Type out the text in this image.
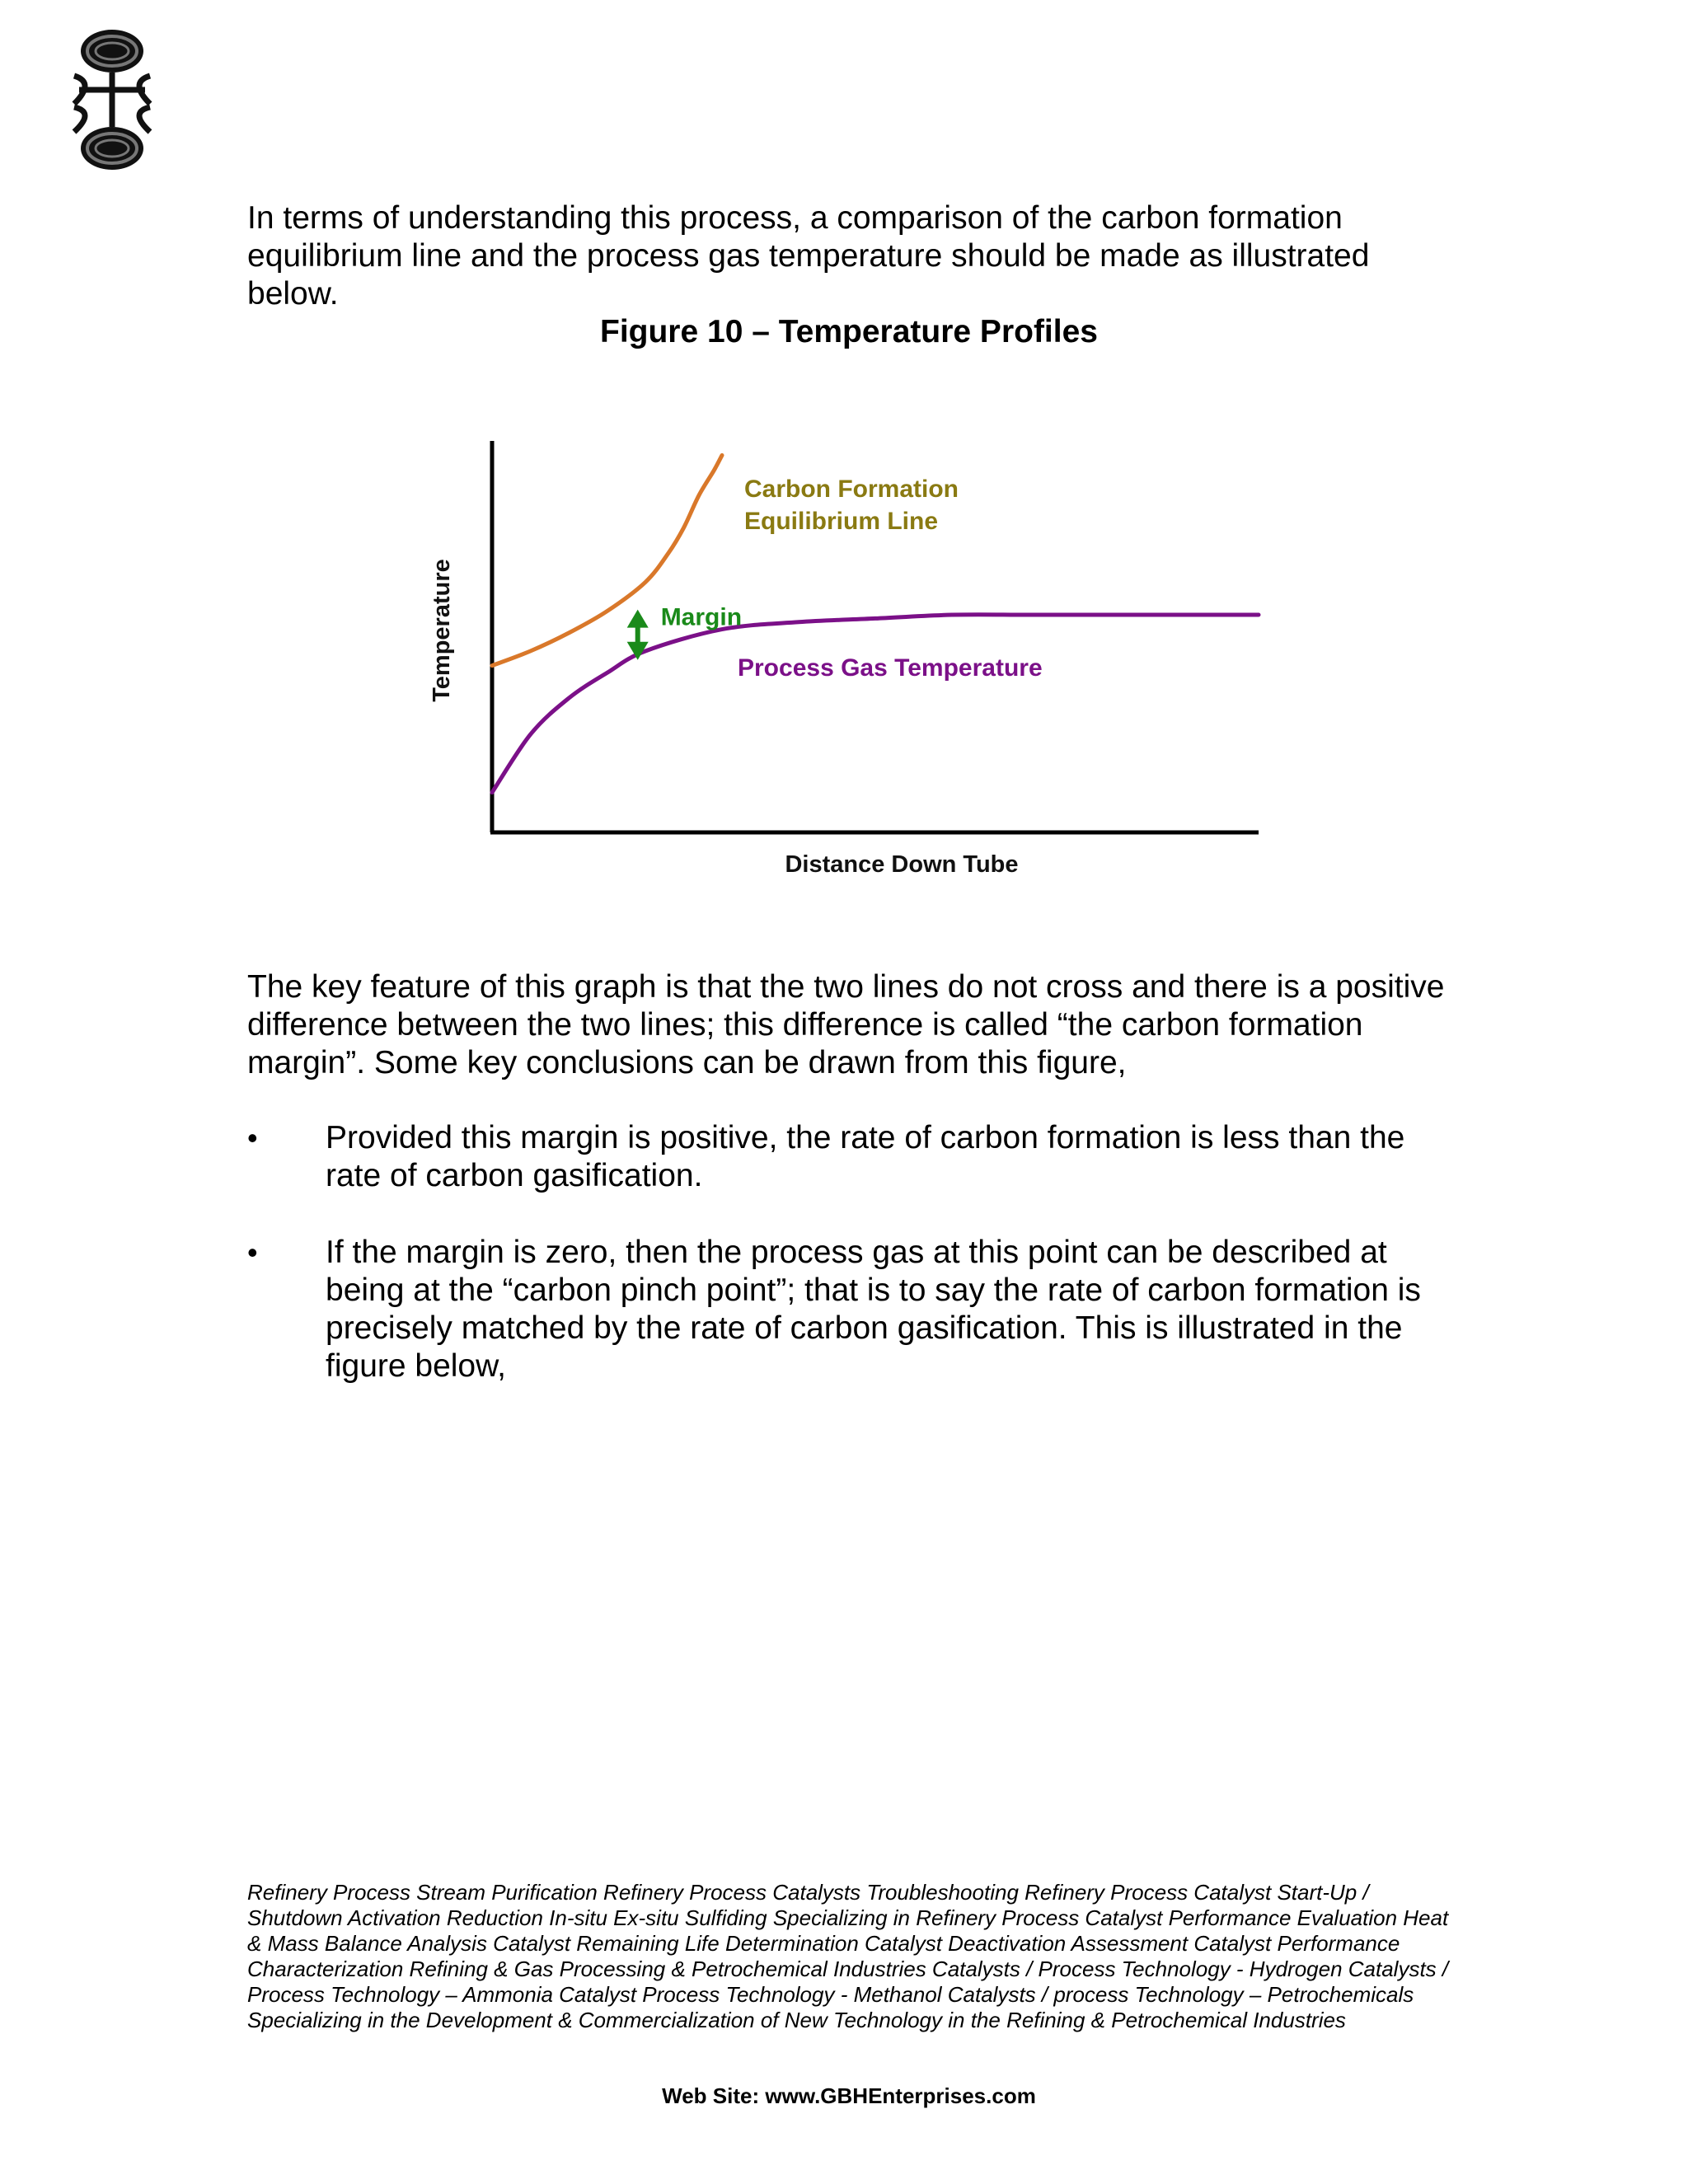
In terms of understanding this process, a comparison of the carbon formation equilibrium line and the process gas temperature should be made as illustrated below.

Figure 10 – Temperature Profiles

Distance Down Tube
Temperature
Carbon Formation
Equilibrium Line
Process Gas Temperature
Margin

The key feature of this graph is that the two lines do not cross and there is a positive difference between the two lines; this difference is called “the carbon formation margin”. Some key conclusions can be drawn from this figure,

• Provided this margin is positive, the rate of carbon formation is less than the rate of carbon gasification.

• If the margin is zero, then the process gas at this point can be described at being at the “carbon pinch point”; that is to say the rate of carbon formation is precisely matched by the rate of carbon gasification. This is illustrated in the figure below,

Refinery Process Stream Purification Refinery Process Catalysts Troubleshooting Refinery Process Catalyst Start-Up / Shutdown Activation Reduction In-situ Ex-situ Sulfiding Specializing in Refinery Process Catalyst Performance Evaluation Heat & Mass Balance Analysis Catalyst Remaining Life Determination Catalyst Deactivation Assessment Catalyst Performance Characterization Refining & Gas Processing & Petrochemical Industries Catalysts / Process Technology - Hydrogen Catalysts / Process Technology – Ammonia Catalyst Process Technology - Methanol Catalysts / process Technology – Petrochemicals Specializing in the Development & Commercialization of New Technology in the Refining & Petrochemical Industries

Web Site: www.GBHEnterprises.com
